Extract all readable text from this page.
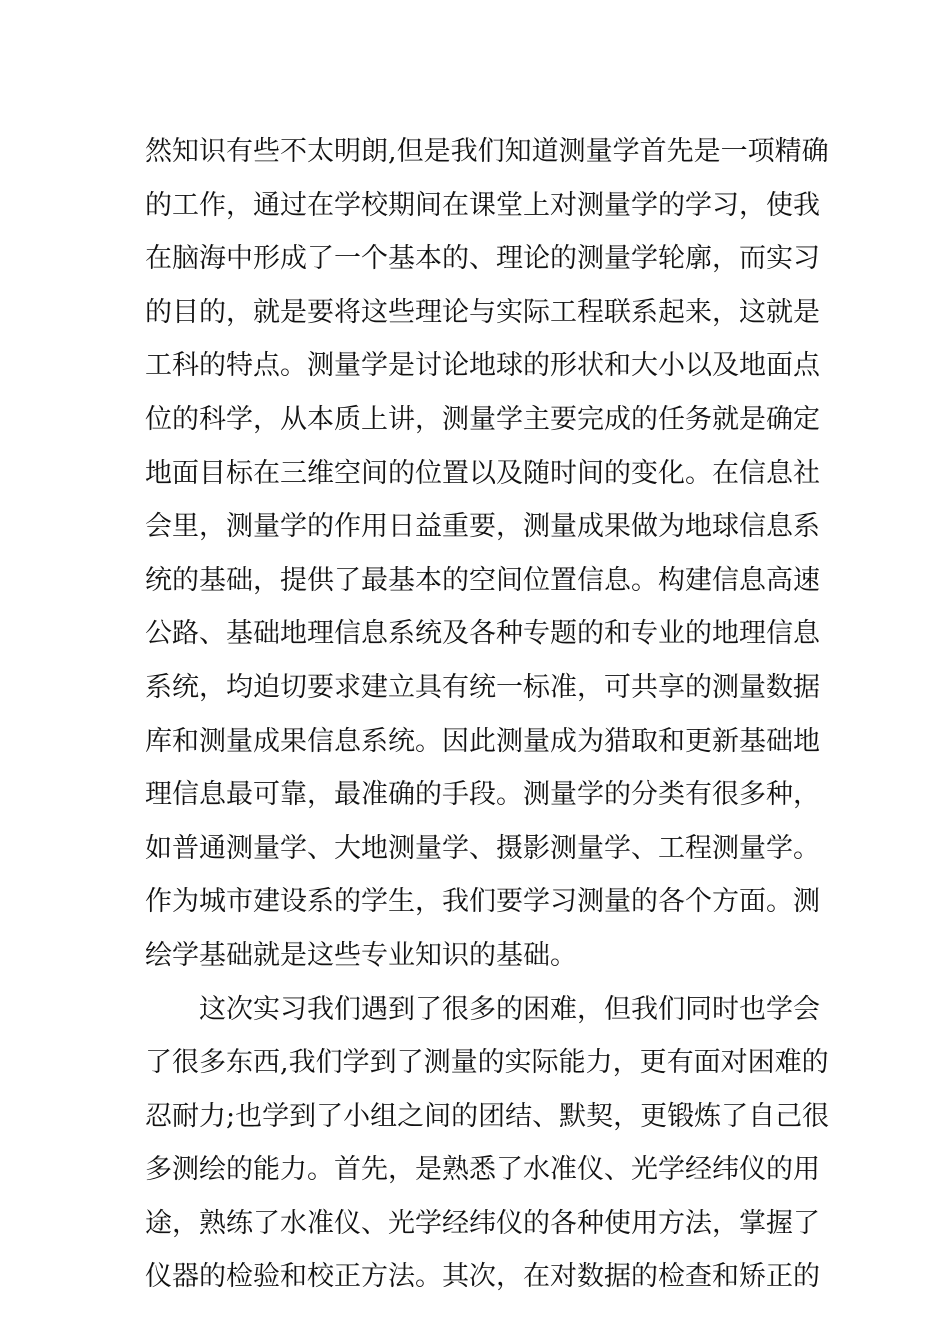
然知识有些不太明朗,但是我们知道测量学首先是一项精确
的工作，通过在学校期间在课堂上对测量学的学习，使我
在脑海中形成了一个基本的、理论的测量学轮廓，而实习
的目的，就是要将这些理论与实际工程联系起来，这就是
工科的特点。测量学是讨论地球的形状和大小以及地面点
位的科学，从本质上讲，测量学主要完成的任务就是确定
地面目标在三维空间的位置以及随时间的变化。在信息社
会里，测量学的作用日益重要，测量成果做为地球信息系
统的基础，提供了最基本的空间位置信息。构建信息高速
公路、基础地理信息系统及各种专题的和专业的地理信息
系统，均迫切要求建立具有统一标准，可共享的测量数据
库和测量成果信息系统。因此测量成为猎取和更新基础地
理信息最可靠，最准确的手段。测量学的分类有很多种，
如普通测量学、大地测量学、摄影测量学、工程测量学。
作为城市建设系的学生，我们要学习测量的各个方面。测
绘学基础就是这些专业知识的基础。
这次实习我们遇到了很多的困难，但我们同时也学会
了很多东西,我们学到了测量的实际能力，更有面对困难的
忍耐力;也学到了小组之间的团结、默契，更锻炼了自己很
多测绘的能力。首先，是熟悉了水准仪、光学经纬仪的用
途，熟练了水准仪、光学经纬仪的各种使用方法，掌握了
仪器的检验和校正方法。其次，在对数据的检查和矫正的
